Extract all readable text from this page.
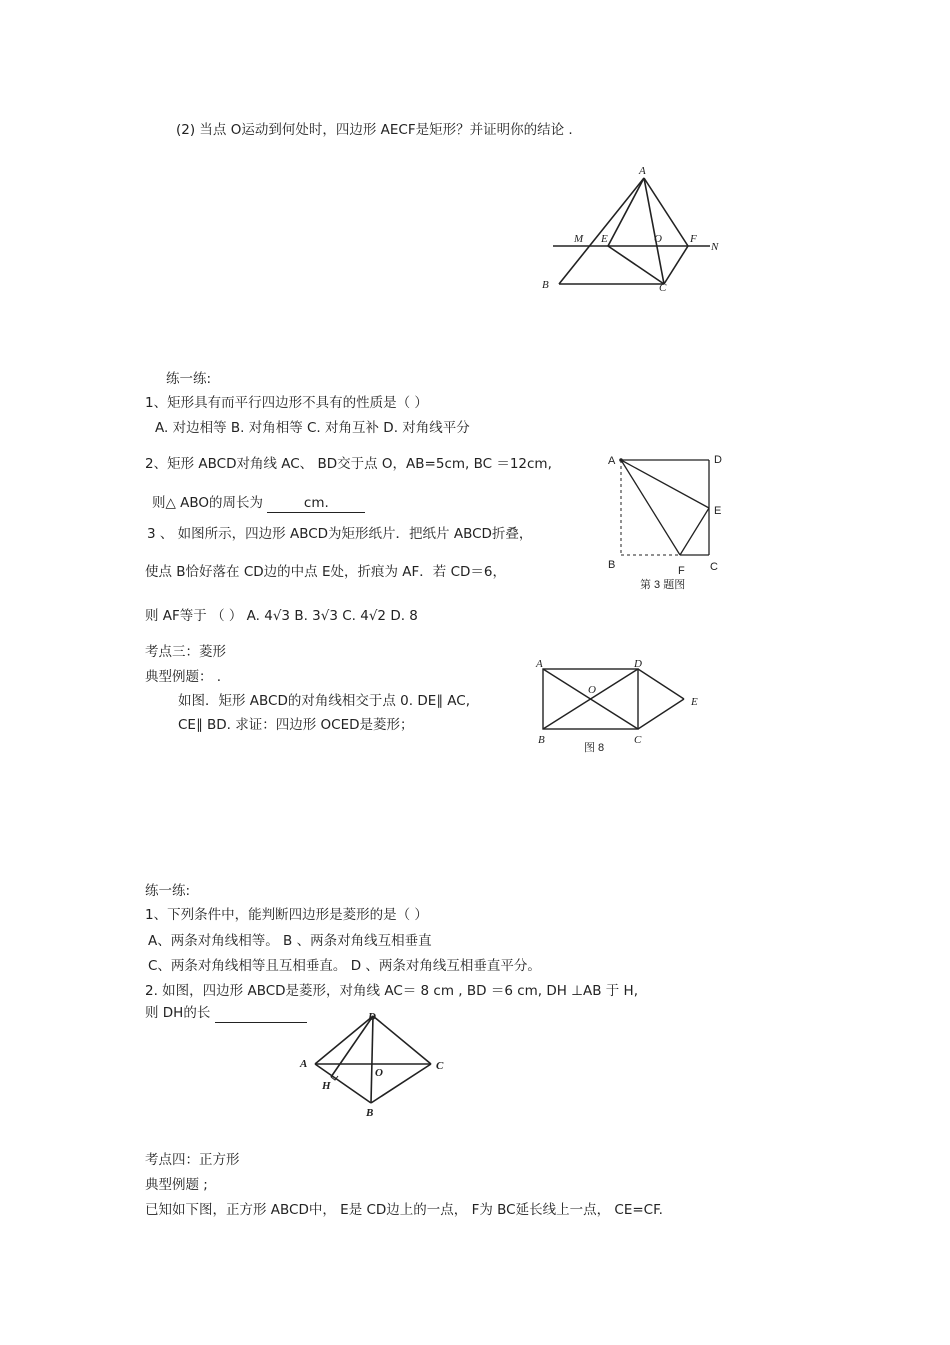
(2) 当点 O运动到何处时，四边形 AECF是矩形？并证明你的结论 .
A
M E	O	F
N
B	C
练一练:
1、矩形具有而平行四边形不具有的性质是（ ）
A. 对边相等 B. 对角相等 C. 对角互补 D. 对角线平分
2、矩形 ABCD对角线 AC、 BD交于点 O，AB=5cm, BC ＝12cm,
则△ ABO的周长为	cm.
3 、 如图所示，四边形 ABCD为矩形纸片．把纸片 ABCD折叠，
使点 B恰好落在 CD边的中点 E处，折痕为 AF．若 CD＝6，
则 AF等于 （ ） A. 4√3 B. 3√3 C. 4√2 D. 8
A	D
E
B	F C
第 3 题图
考点三：菱形
典型例题： .
如图．矩形 ABCD的对角线相交于点 0. DE∥ AC,
CE∥ BD. 求证：四边形 OCED是菱形；
A	D
O
E
B	C
图 8
练一练:
1、下列条件中，能判断四边形是菱形的是（ ）
A、两条对角线相等。 B 、两条对角线互相垂直
C、两条对角线相等且互相垂直。 D 、两条对角线互相垂直平分。
2. 如图，四边形 ABCD是菱形，对角线 AC＝ 8 cm , BD ＝6 cm, DH ⊥AB 于 H,
则 DH的长	D
A
O
C
H
B
考点四：正方形
典型例题 ;
已知如下图，正方形 ABCD中， E是 CD边上的一点， F为 BC延长线上一点， CE=CF.
